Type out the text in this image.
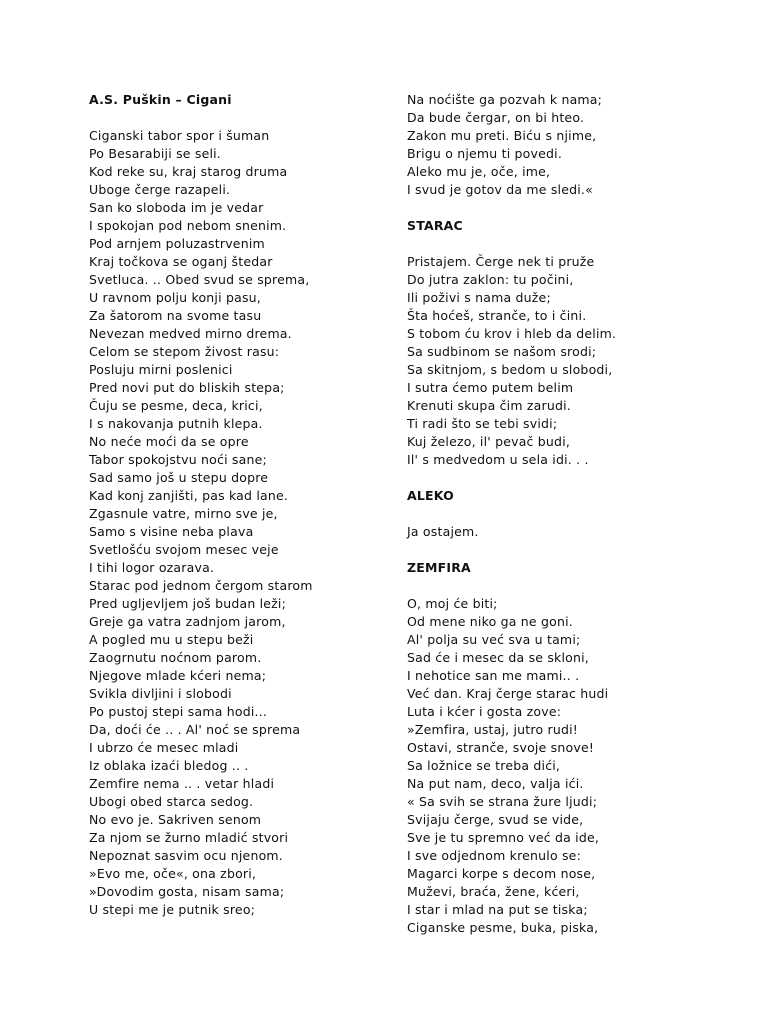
A.S. Puškin – Cigani

Ciganski tabor spor i šuman

Po Besarabiji se seli.

Kod reke su, kraj starog druma

Uboge čerge razapeli.

San ko sloboda im je vedar

I spokojan pod nebom snenim.

Pod arnjem poluzastrvenim

Kraj točkova se oganj štedar

Svetluca. .. Obed svud se sprema,

U ravnom polju konji pasu,

Za šatorom na svome tasu

Nevezan medved mirno drema.

Celom se stepom živost rasu:

Posluju mirni poslenici

Pred novi put do bliskih stepa;

Čuju se pesme, deca, krici,

I s nakovanja putnih klepa.

No neće moći da se opre

Tabor spokojstvu noći sane;

Sad samo još u stepu dopre

Kad konj zanjišti, pas kad lane.

Zgasnule vatre, mirno sve je,

Samo s visine neba plava

Svetlošću svojom mesec veje

I tihi logor ozarava.

Starac pod jednom čergom starom

Pred ugljevljem još budan leži;

Greje ga vatra zadnjom jarom,

A pogled mu u stepu beži

Zaogrnutu noćnom parom.

Njegove mlade kćeri nema;

Svikla divljini i slobodi

Po pustoj stepi sama hodi...

Da, doći će .. . Al' noć se sprema

I ubrzo će mesec mladi

Iz oblaka izaći bledog .. .

Zemfire nema .. . vetar hladi

Ubogi obed starca sedog.

No evo je. Sakriven senom

Za njom se žurno mladić stvori

Nepoznat sasvim ocu njenom.

»Evo me, oče«, ona zbori,

»Dovodim gosta, nisam sama;

U stepi me je putnik sreo;

Na noćište ga pozvah k nama;

Da bude čergar, on bi hteo.

Zakon mu preti. Biću s njime,

Brigu o njemu ti povedi.

Aleko mu je, oče, ime,

I svud je gotov da me sledi.«

STARAC

Pristajem. Čerge nek ti pruže

Do jutra zaklon: tu počini,

Ili poživi s nama duže;

Šta hoćeš, stranče, to i čini.

S tobom ću krov i hleb da delim.

Sa sudbinom se našom srodi;

Sa skitnjom, s bedom u slobodi,

I sutra ćemo putem belim

Krenuti skupa čim zarudi.

Ti radi što se tebi svidi;

Kuj železo, il' pevač budi,

Il' s medvedom u sela idi. . .

ALEKO

Ja ostajem.

ZEMFIRA

O, moj će biti;

Od mene niko ga ne goni.

Al' polja su već sva u tami;

Sad će i mesec da se skloni,

I nehotice san me mami.. .

Već dan. Kraj čerge starac hudi

Luta i kćer i gosta zove:

»Zemfira, ustaj, jutro rudi!

Ostavi, stranče, svoje snove!

Sa ložnice se treba dići,

Na put nam, deco, valja ići.

« Sa svih se strana žure ljudi;

Svijaju čerge, svud se vide,

Sve je tu spremno već da ide,

I sve odjednom krenulo se:

Magarci korpe s decom nose,

Muževi, braća, žene, kćeri,

I star i mlad na put se tiska;

Ciganske pesme, buka, piska,
